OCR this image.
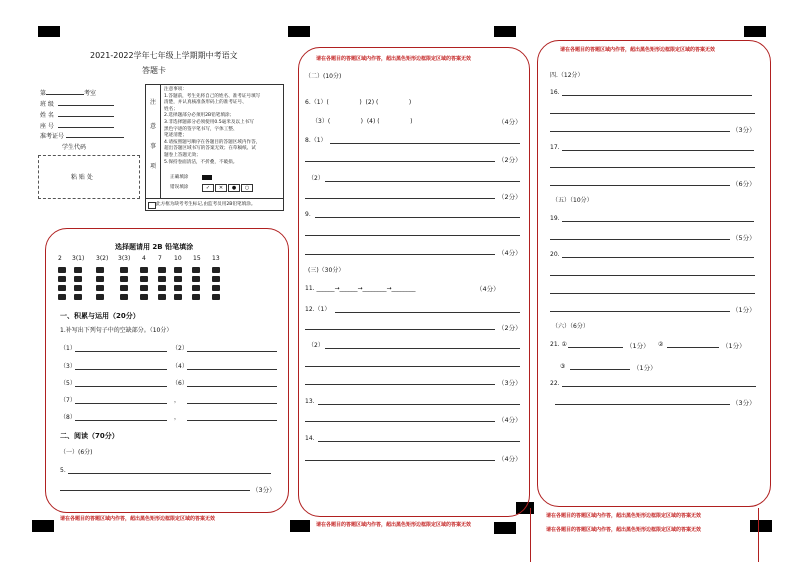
2021-2022学年七年级上学期期中考语文
答题卡
第	考室
班 级
姓 名
座 号
准考证号
学生代码
粘 贴 处
注
意
事
项
注意事项：
1.答题前，考生先将自己的姓名、准考证号填写
清楚，并认真核准条形码上的准考证号、
姓名；
2.选择题部分必须用2B铅笔填涂；
3.非选择题部分必须使用0.5毫米及以上书写
黑色字迹的签字笔书写，字体工整、
笔迹清楚；
4.请按照题号顺序在各题目的答题区域内作答，
超出答题区域书写的答案无效；在草稿纸、试
题卷上答题无效；
5.保持卷面清洁，不折叠，不破损。
正确填涂
错误填涂	✓ ✕ ● ○
此方框为缺考考生标记,由监考员用2B铅笔填涂。
请在各题目的答题区域内作答，超出黑色矩形边框限定区域的答案无效
请在各题目的答题区域内作答，超出黑色矩形边框限定区域的答案无效
请在各题目的答题区域内作答，超出黑色矩形边框限定区域的答案无效
请在各题目的答题区域内作答，超出黑色矩形边框限定区域的答案无效
请在各题目的答题区域内作答，超出黑色矩形边框限定区域的答案无效
请在各题目的答题区域内作答，超出黑色矩形边框限定区域的答案无效
选择题请用 2B 铅笔填涂
2 3(1) 3(2) 3(3) 4 7 10 15 13
一、积累与运用（20分）
1.补写出下列句子中的空缺部分。（10分）
（1）	（2）
（3）	（4）
（5）	（6）
（7）	，
（8）	，
二、阅读（70分）
（一）(6分)
5.
（3分）
（二）(10分)
6.（1）(                )  (2) (                )
（3）(                )  (4) (                )	（4分）
8.（1）
（2分）
（2）
（2分）
9.
（4分）
(三)（30分）
11. ______→______→________→________	（4分）
12.（1）
（2分）
（2）
（3分）
13.
（4分）
14.
（4分）
四.（12分）
16.
（3分）
17.
（6分）
（五）（10分）
19.
（5分）
20.
（1分）
（六）（6分）
21. ①	（1分） ②	（1分）
③	（1分）
22.
（3分）
